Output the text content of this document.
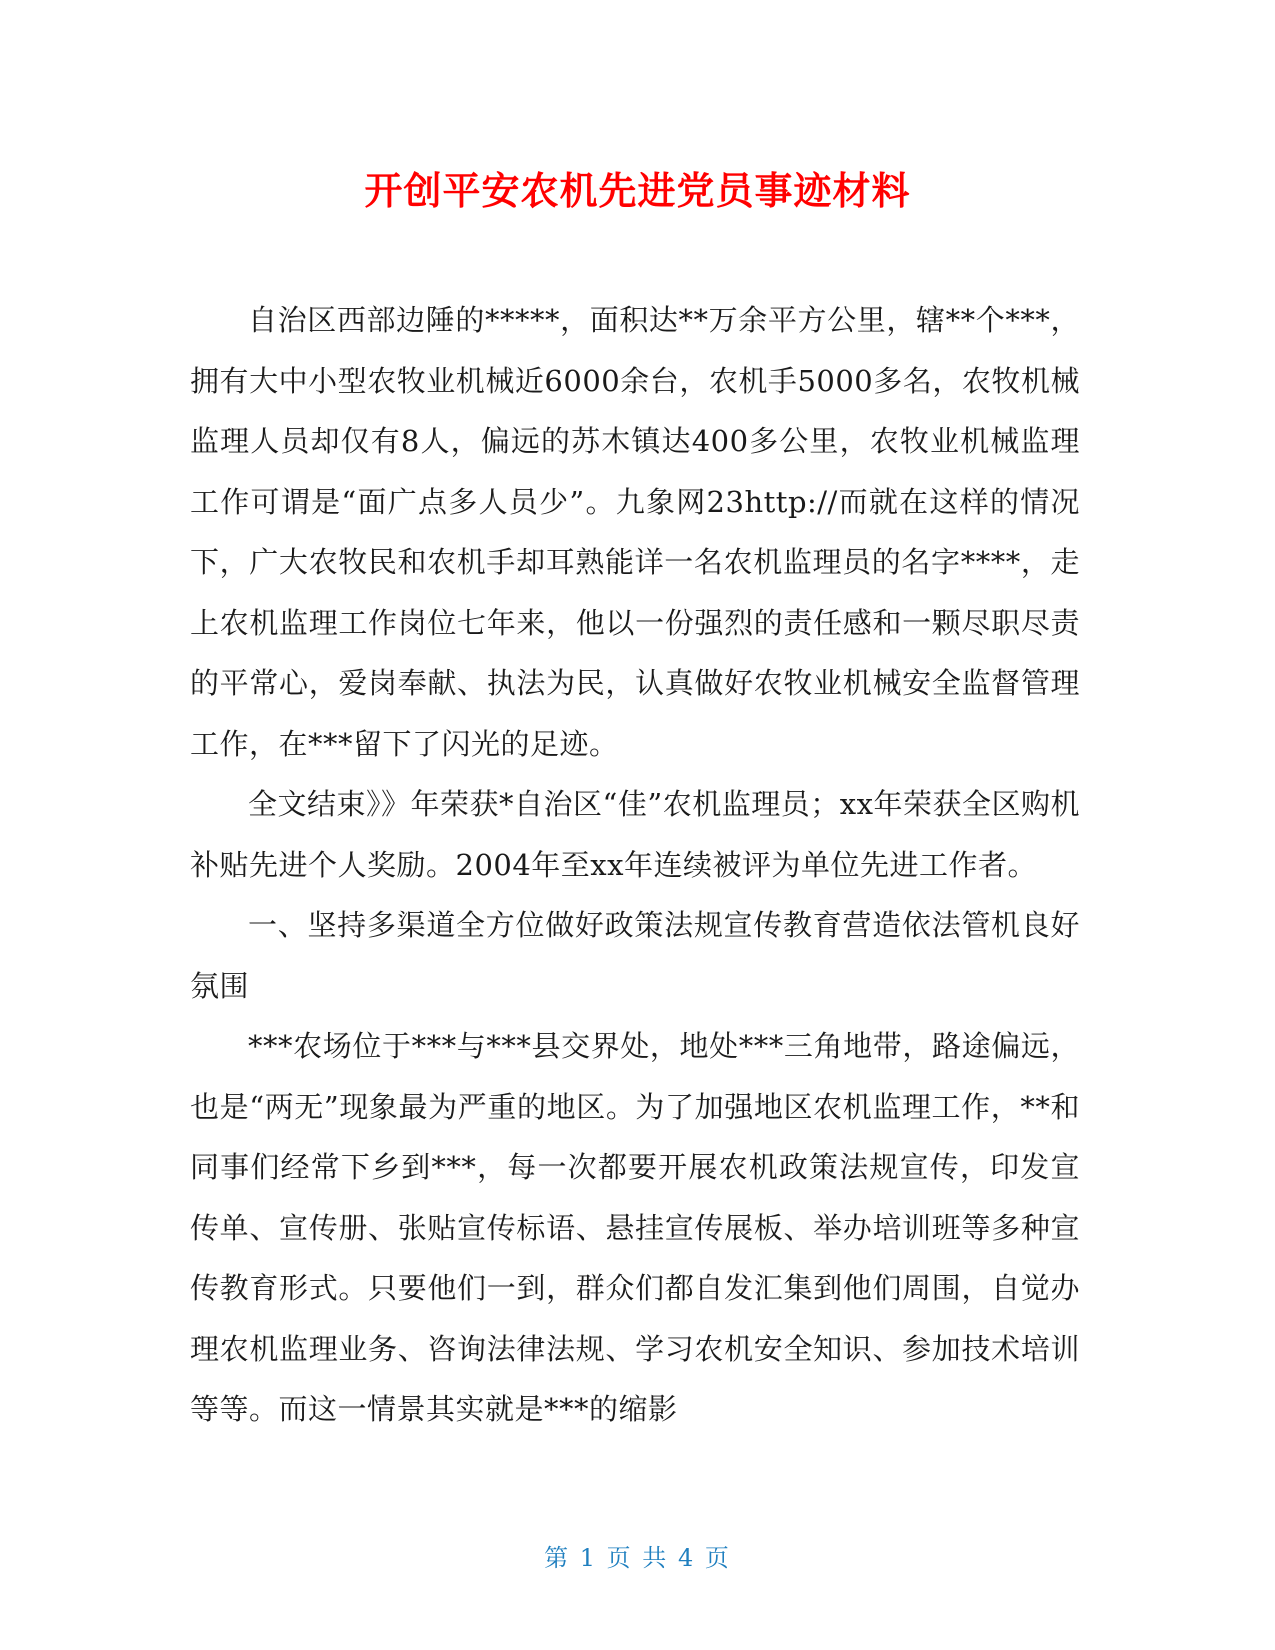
开创平安农机先进党员事迹材料

自治区西部边陲的*****，面积达**万余平方公里，辖**个***，拥有大中小型农牧业机械近6000余台，农机手5000多名，农牧机械监理人员却仅有8人，偏远的苏木镇达400多公里，农牧业机械监理工作可谓是“面广点多人员少”。九象网23http://而就在这样的情况下，广大农牧民和农机手却耳熟能详一名农机监理员的名字****，走上农机监理工作岗位七年来，他以一份强烈的责任感和一颗尽职尽责的平常心，爱岗奉献、执法为民，认真做好农牧业机械安全监督管理工作，在***留下了闪光的足迹。

全文结束》》年荣获*自治区“佳”农机监理员；xx年荣获全区购机补贴先进个人奖励。2004年至xx年连续被评为单位先进工作者。

一、坚持多渠道全方位做好政策法规宣传教育营造依法管机良好氛围

***农场位于***与***县交界处，地处***三角地带，路途偏远，也是“两无”现象最为严重的地区。为了加强地区农机监理工作，**和同事们经常下乡到***，每一次都要开展农机政策法规宣传，印发宣传单、宣传册、张贴宣传标语、悬挂宣传展板、举办培训班等多种宣传教育形式。只要他们一到，群众们都自发汇集到他们周围，自觉办理农机监理业务、咨询法律法规、学习农机安全知识、参加技术培训等等。而这一情景其实就是***的缩影

第 1 页 共 4 页
